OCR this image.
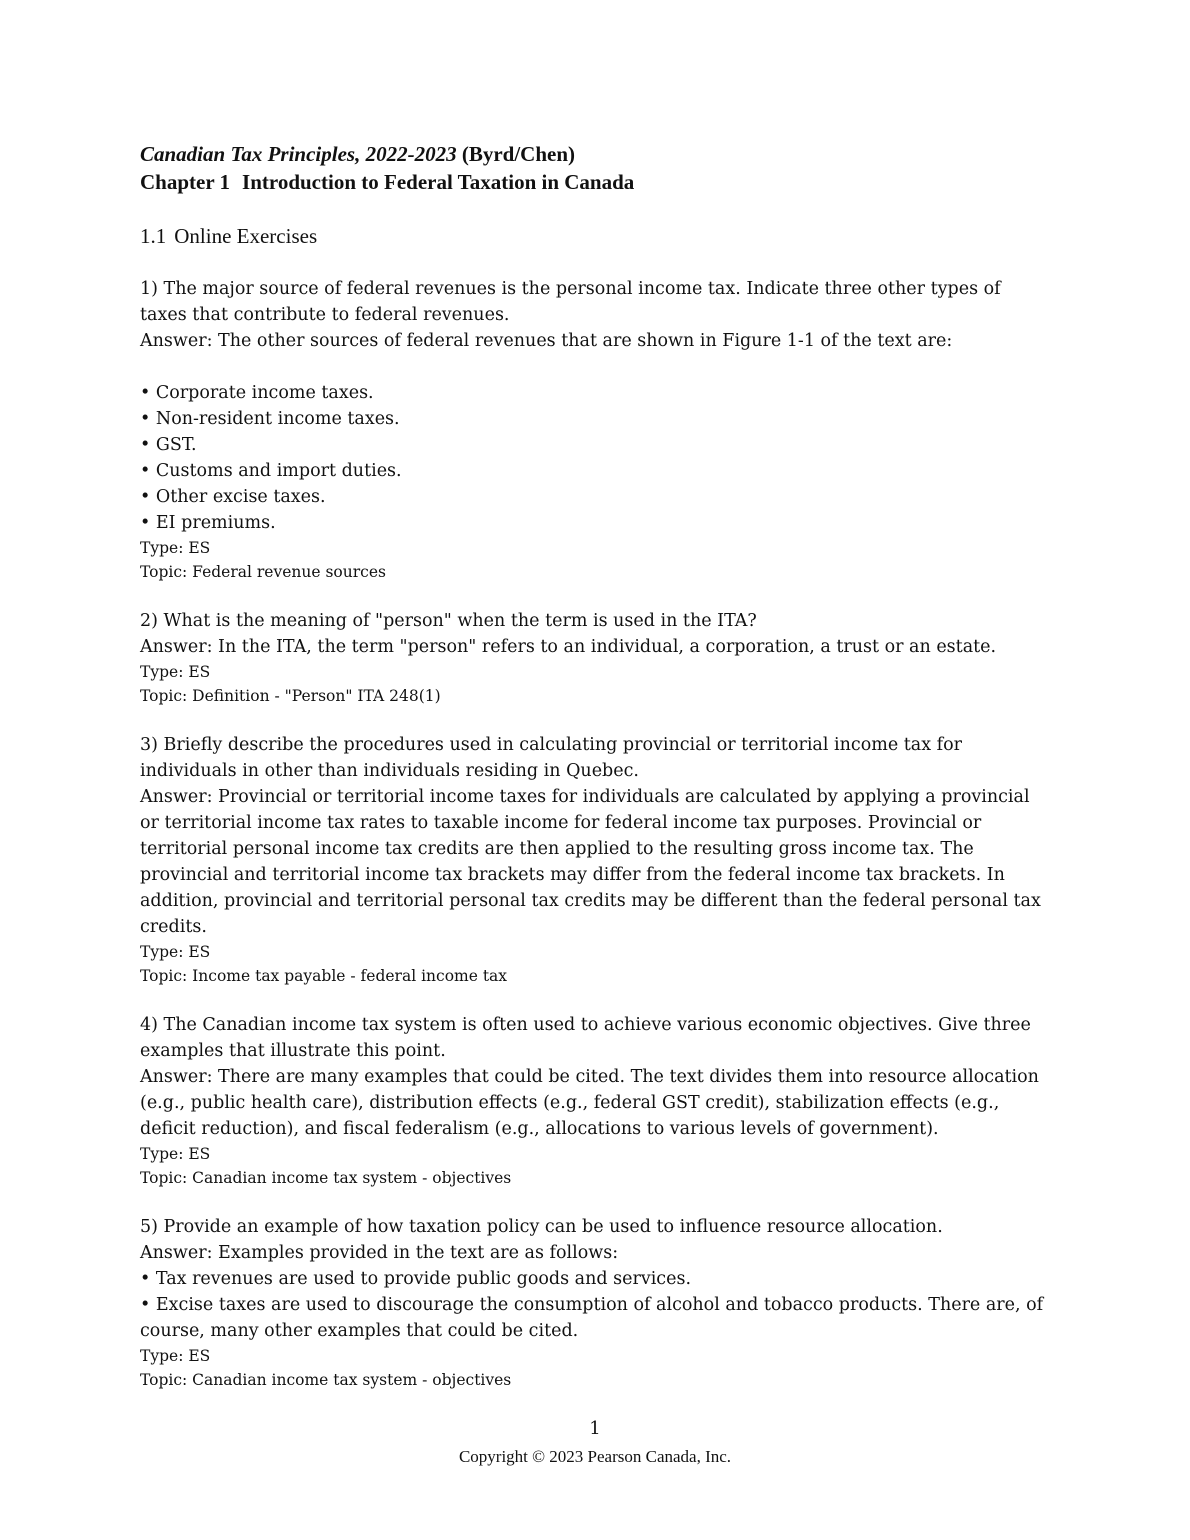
Canadian Tax Principles, 2022-2023 (Byrd/Chen)

Chapter 1 Introduction to Federal Taxation in Canada

1.1 Online Exercises

1) The major source of federal revenues is the personal income tax. Indicate three other types of taxes that contribute to federal revenues.

Answer: The other sources of federal revenues that are shown in Figure 1-1 of the text are:

• Corporate income taxes.

• Non-resident income taxes.

• GST.

• Customs and import duties.

• Other excise taxes.

• EI premiums.

Type: ES

Topic: Federal revenue sources

2) What is the meaning of "person" when the term is used in the ITA?

Answer: In the ITA, the term "person" refers to an individual, a corporation, a trust or an estate.

Type: ES

Topic: Definition - "Person" ITA 248(1)

3) Briefly describe the procedures used in calculating provincial or territorial income tax for individuals in other than individuals residing in Quebec.

Answer: Provincial or territorial income taxes for individuals are calculated by applying a provincial or territorial income tax rates to taxable income for federal income tax purposes. Provincial or territorial personal income tax credits are then applied to the resulting gross income tax. The provincial and territorial income tax brackets may differ from the federal income tax brackets. In addition, provincial and territorial personal tax credits may be different than the federal personal tax credits.

Type: ES

Topic: Income tax payable - federal income tax

4) The Canadian income tax system is often used to achieve various economic objectives. Give three examples that illustrate this point.

Answer: There are many examples that could be cited. The text divides them into resource allocation (e.g., public health care), distribution effects (e.g., federal GST credit), stabilization effects (e.g., deficit reduction), and fiscal federalism (e.g., allocations to various levels of government).

Type: ES

Topic: Canadian income tax system - objectives

5) Provide an example of how taxation policy can be used to influence resource allocation.

Answer: Examples provided in the text are as follows:

• Tax revenues are used to provide public goods and services.

• Excise taxes are used to discourage the consumption of alcohol and tobacco products. There are, of course, many other examples that could be cited.

Type: ES

Topic: Canadian income tax system - objectives

1
Copyright © 2023 Pearson Canada, Inc.
